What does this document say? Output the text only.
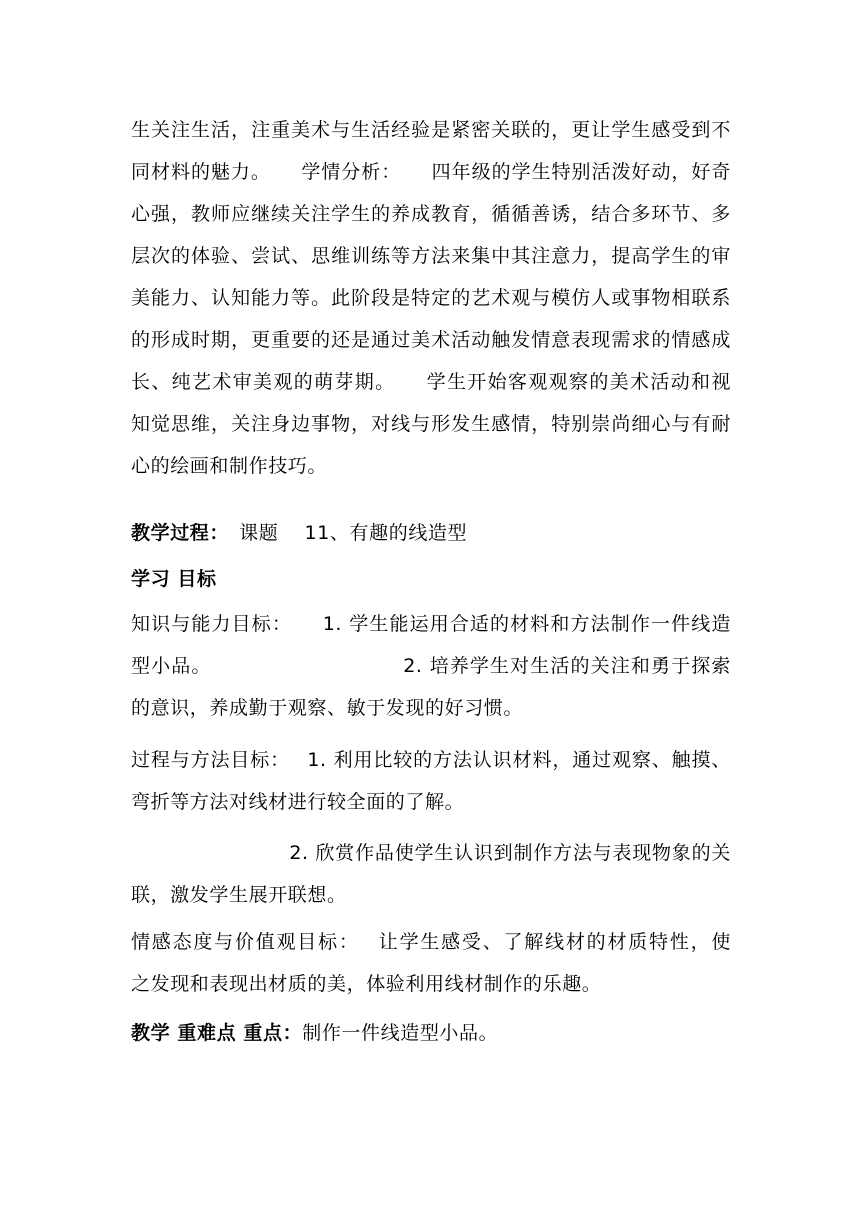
生关注生活，注重美术与生活经验是紧密关联的，更让学生感受到不
同材料的魅力。　　学情分析：　　四年级的学生特别活泼好动，好奇
心强，教师应继续关注学生的养成教育，循循善诱，结合多环节、多
层次的体验、尝试、思维训练等方法来集中其注意力，提高学生的审
美能力、认知能力等。此阶段是特定的艺术观与模仿人或事物相联系
的形成时期，更重要的还是通过美术活动触发情意表现需求的情感成
长、纯艺术审美观的萌芽期。　　学生开始客观观察的美术活动和视
知觉思维，关注身边事物，对线与形发生感情，特别崇尚细心与有耐
心的绘画和制作技巧。
教学过程：　课题　 11、有趣的线造型
学习 目标
知识与能力目标：　　1. 学生能运用合适的材料和方法制作一件线造
型小品。　　　　　　　　　　2. 培养学生对生活的关注和勇于探索
的意识，养成勤于观察、敏于发现的好习惯。
过程与方法目标：　 1. 利用比较的方法认识材料，通过观察、触摸、
弯折等方法对线材进行较全面的了解。
　　　　　　　　2. 欣赏作品使学生认识到制作方法与表现物象的关
联，激发学生展开联想。
情感态度与价值观目标：　 让学生感受、了解线材的材质特性，使
之发现和表现出材质的美，体验利用线材制作的乐趣。
教学 重难点 重点：制作一件线造型小品。
